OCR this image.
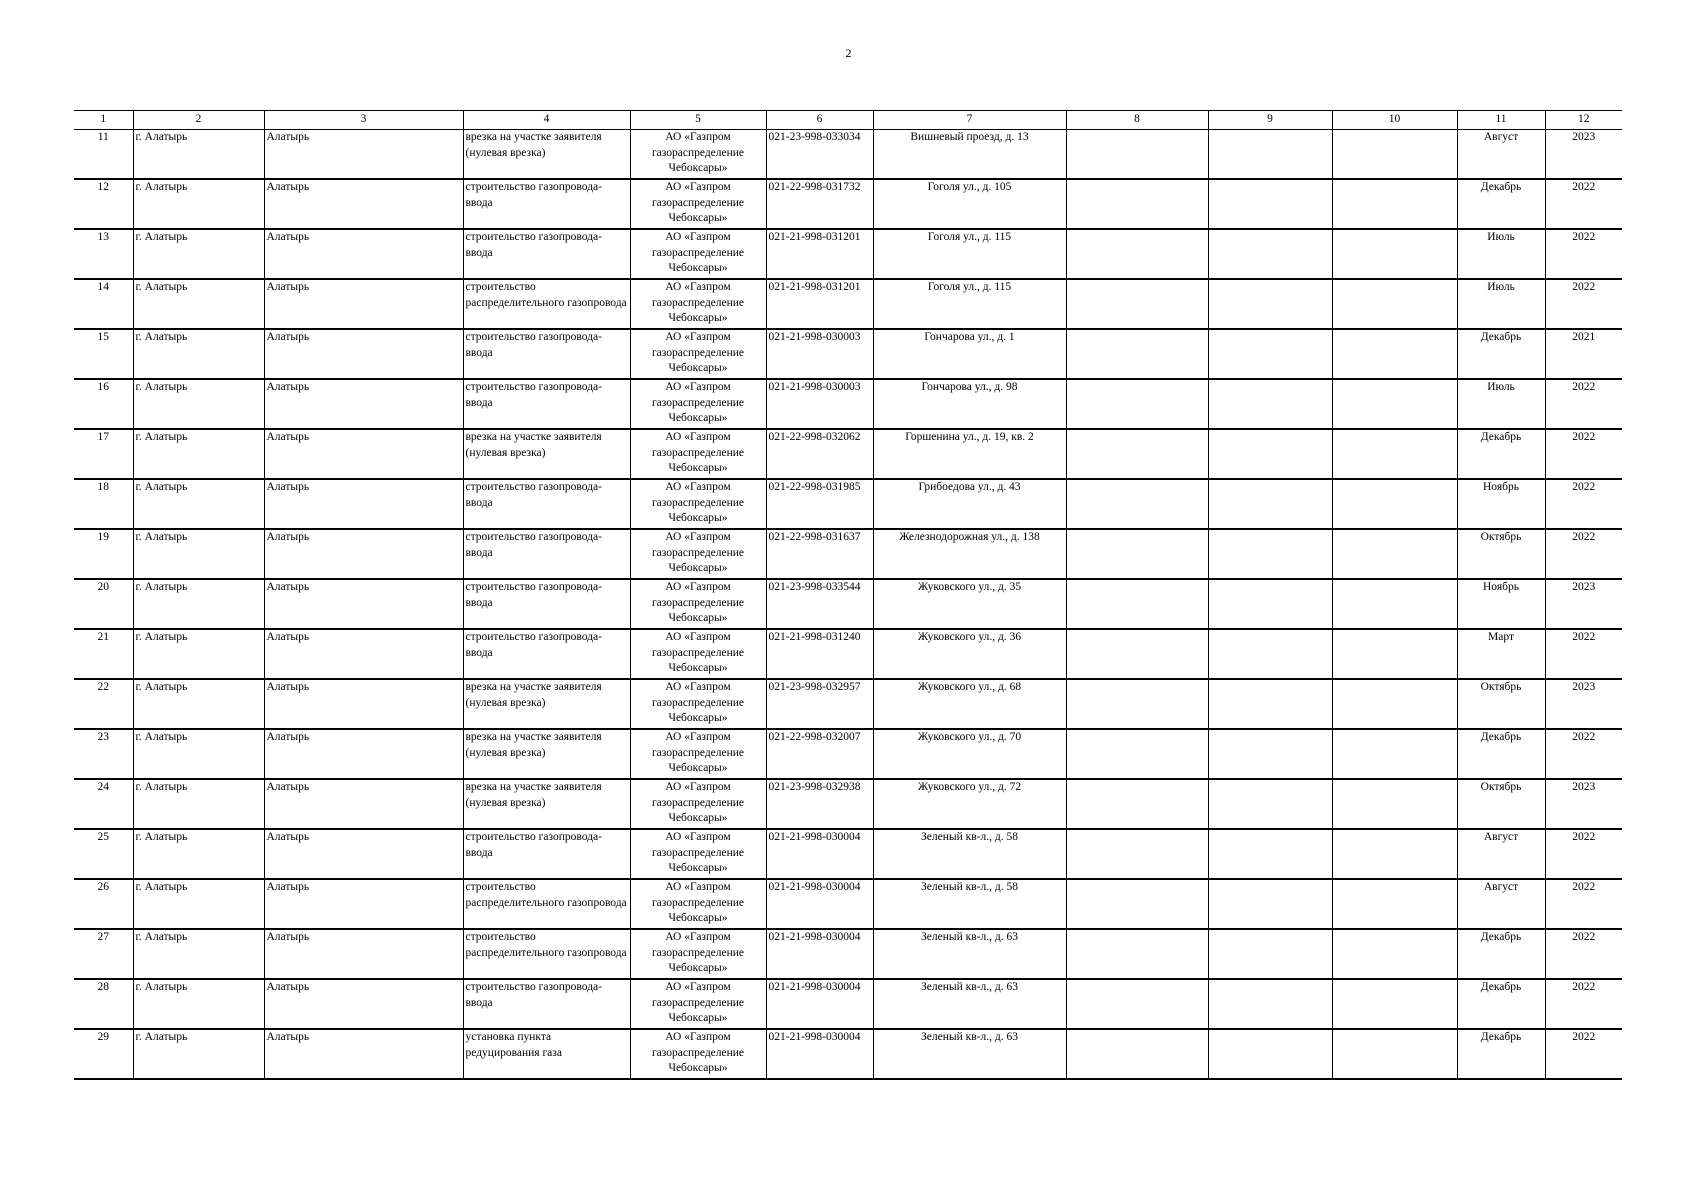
2
1	2	3	4	5	6	7	8	9	10	11	12
11	г. Алатырь	Алатырь	врезка на участке заявителя (нулевая врезка)	АО «Газпром газораспределение Чебоксары»	021-23-998-033034	Вишневый проезд, д. 13				Август	2023
12	г. Алатырь	Алатырь	строительство газопровода-ввода	АО «Газпром газораспределение Чебоксары»	021-22-998-031732	Гоголя ул., д. 105				Декабрь	2022
13	г. Алатырь	Алатырь	строительство газопровода-ввода	АО «Газпром газораспределение Чебоксары»	021-21-998-031201	Гоголя ул., д. 115				Июль	2022
14	г. Алатырь	Алатырь	строительство распределительного газопровода	АО «Газпром газораспределение Чебоксары»	021-21-998-031201	Гоголя ул., д. 115				Июль	2022
15	г. Алатырь	Алатырь	строительство газопровода-ввода	АО «Газпром газораспределение Чебоксары»	021-21-998-030003	Гончарова ул., д. 1				Декабрь	2021
16	г. Алатырь	Алатырь	строительство газопровода-ввода	АО «Газпром газораспределение Чебоксары»	021-21-998-030003	Гончарова ул., д. 98				Июль	2022
17	г. Алатырь	Алатырь	врезка на участке заявителя (нулевая врезка)	АО «Газпром газораспределение Чебоксары»	021-22-998-032062	Горшенина ул., д. 19, кв. 2				Декабрь	2022
18	г. Алатырь	Алатырь	строительство газопровода-ввода	АО «Газпром газораспределение Чебоксары»	021-22-998-031985	Грибоедова ул., д. 43				Ноябрь	2022
19	г. Алатырь	Алатырь	строительство газопровода-ввода	АО «Газпром газораспределение Чебоксары»	021-22-998-031637	Железнодорожная ул., д. 138				Октябрь	2022
20	г. Алатырь	Алатырь	строительство газопровода-ввода	АО «Газпром газораспределение Чебоксары»	021-23-998-033544	Жуковского ул., д. 35				Ноябрь	2023
21	г. Алатырь	Алатырь	строительство газопровода-ввода	АО «Газпром газораспределение Чебоксары»	021-21-998-031240	Жуковского ул., д. 36				Март	2022
22	г. Алатырь	Алатырь	врезка на участке заявителя (нулевая врезка)	АО «Газпром газораспределение Чебоксары»	021-23-998-032957	Жуковского ул., д. 68				Октябрь	2023
23	г. Алатырь	Алатырь	врезка на участке заявителя (нулевая врезка)	АО «Газпром газораспределение Чебоксары»	021-22-998-032007	Жуковского ул., д. 70				Декабрь	2022
24	г. Алатырь	Алатырь	врезка на участке заявителя (нулевая врезка)	АО «Газпром газораспределение Чебоксары»	021-23-998-032938	Жуковского ул., д. 72				Октябрь	2023
25	г. Алатырь	Алатырь	строительство газопровода-ввода	АО «Газпром газораспределение Чебоксары»	021-21-998-030004	Зеленый кв-л., д. 58				Август	2022
26	г. Алатырь	Алатырь	строительство распределительного газопровода	АО «Газпром газораспределение Чебоксары»	021-21-998-030004	Зеленый кв-л., д. 58				Август	2022
27	г. Алатырь	Алатырь	строительство распределительного газопровода	АО «Газпром газораспределение Чебоксары»	021-21-998-030004	Зеленый кв-л., д. 63				Декабрь	2022
28	г. Алатырь	Алатырь	строительство газопровода-ввода	АО «Газпром газораспределение Чебоксары»	021-21-998-030004	Зеленый кв-л., д. 63				Декабрь	2022
29	г. Алатырь	Алатырь	установка пункта редуцирования газа	АО «Газпром газораспределение Чебоксары»	021-21-998-030004	Зеленый кв-л., д. 63				Декабрь	2022
